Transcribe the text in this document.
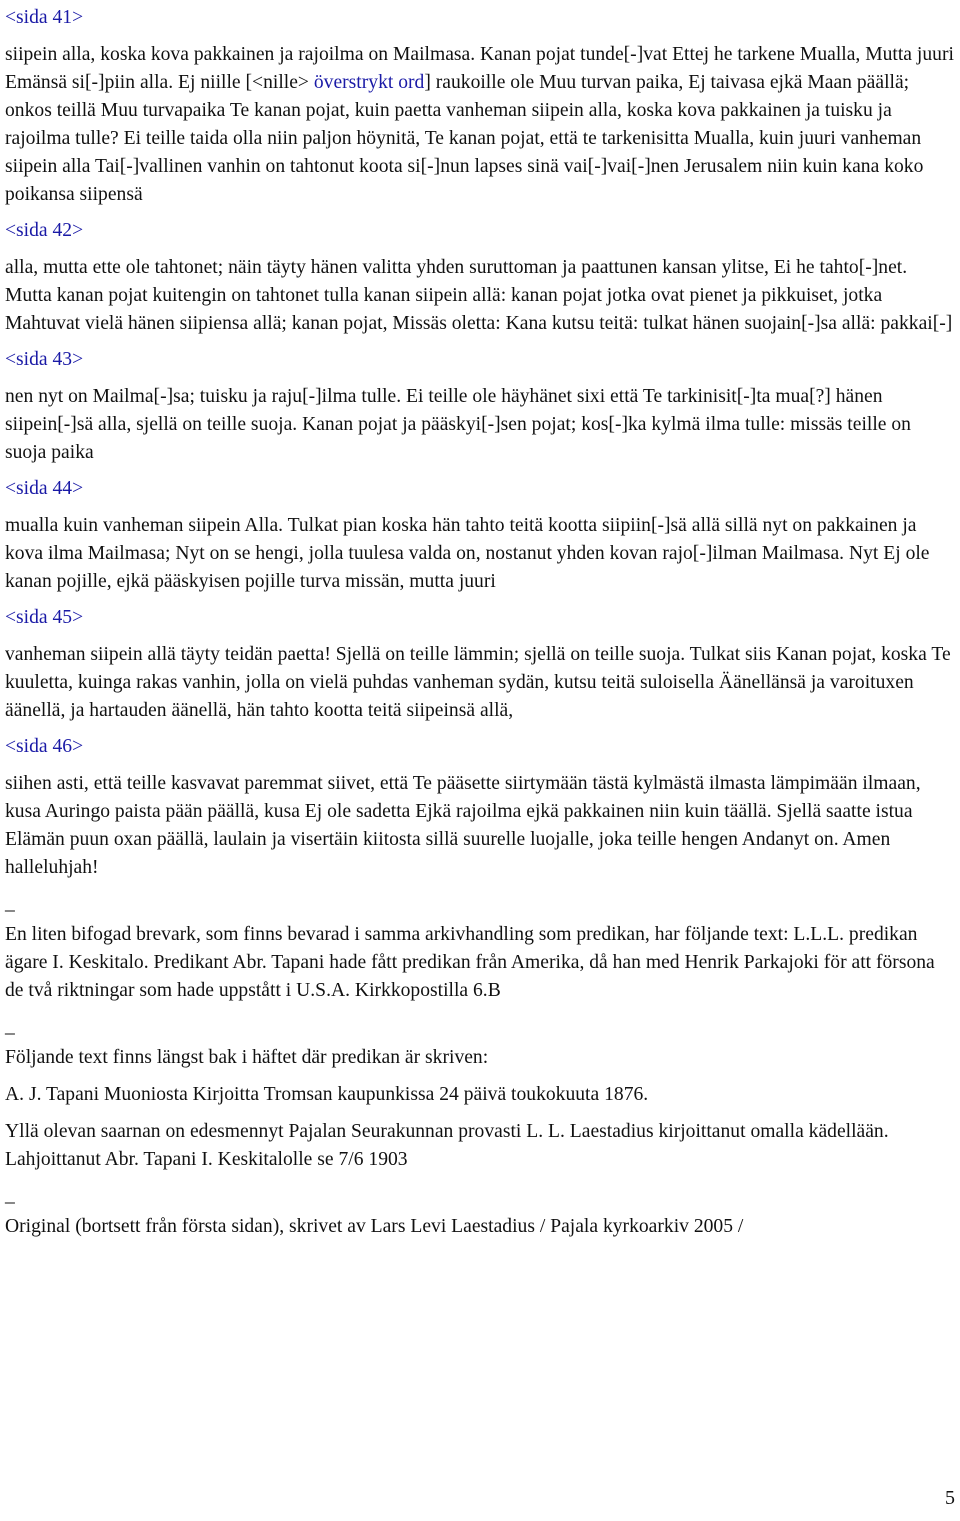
<sida 41>

siipein alla, koska kova pakkainen ja rajoilma on Mailmasa. Kanan pojat tunde[-]vat Ettej he tarkene Mualla, Mutta juuri Emänsä si[-]piin alla. Ej niille [<nille> överstrykt ord] raukoille ole Muu turvan paika, Ej taivasa ejkä Maan päällä; onkos teillä Muu turvapaika Te kanan pojat, kuin paetta vanheman siipein alla, koska kova pakkainen ja tuisku ja rajoilma tulle? Ei teille taida olla niin paljon höynitä, Te kanan pojat, että te tarkenisitta Mualla, kuin juuri vanheman siipein alla Tai[-]vallinen vanhin on tahtonut koota si[-]nun lapses sinä vai[-]vai[-]nen Jerusalem niin kuin kana koko poikansa siipensä

<sida 42>

alla, mutta ette ole tahtonet; näin täyty hänen valitta yhden suruttoman ja paattunen kansan ylitse, Ei he tahto[-]net. Mutta kanan pojat kuitengin on tahtonet tulla kanan siipein allä: kanan pojat jotka ovat pienet ja pikkuiset, jotka Mahtuvat vielä hänen siipiensa allä; kanan pojat, Missäs oletta: Kana kutsu teitä: tulkat hänen suojain[-]sa allä: pakkai[-]

<sida 43>

nen nyt on Mailma[-]sa; tuisku ja raju[-]ilma tulle. Ei teille ole häyhänet sixi että Te tarkinisit[-]ta mua[?] hänen siipein[-]sä alla, sjellä on teille suoja. Kanan pojat ja pääskyi[-]sen pojat; kos[-]ka kylmä ilma tulle: missäs teille on suoja paika

<sida 44>

mualla kuin vanheman siipein Alla. Tulkat pian koska hän tahto teitä kootta siipiin[-]sä allä sillä nyt on pakkainen ja kova ilma Mailmasa; Nyt on se hengi, jolla tuulesa valda on, nostanut yhden kovan rajo[-]ilman Mailmasa. Nyt Ej ole kanan pojille, ejkä pääskyisen pojille turva missän, mutta juuri

<sida 45>

vanheman siipein allä täyty teidän paetta! Sjellä on teille lämmin; sjellä on teille suoja. Tulkat siis Kanan pojat, koska Te kuuletta, kuinga rakas vanhin, jolla on vielä puhdas vanheman sydän, kutsu teitä suloisella Äänellänsä ja varoituxen äänellä, ja hartauden äänellä, hän tahto kootta teitä siipeinsä allä,

<sida 46>

siihen asti, että teille kasvavat paremmat siivet, että Te pääsette siirtymään tästä kylmästä ilmasta lämpimään ilmaan, kusa Auringo paista pään päällä, kusa Ej ole sadetta Ejkä rajoilma ejkä pakkainen niin kuin täällä. Sjellä saatte istua Elämän puun oxan päällä, laulain ja visertäin kiitosta sillä suurelle luojalle, joka teille hengen Andanyt on. Amen halleluhjah!

_

En liten bifogad brevark, som finns bevarad i samma arkivhandling som predikan, har följande text: L.L.L. predikan ägare I. Keskitalo. Predikant Abr. Tapani hade fått predikan från Amerika, då han med Henrik Parkajoki för att försona de två riktningar som hade uppstått i U.S.A. Kirkkopostilla 6.B

_

Följande text finns längst bak i häftet där predikan är skriven:

A. J. Tapani Muoniosta Kirjoitta Tromsan kaupunkissa 24 päivä toukokuuta 1876.

Yllä olevan saarnan on edesmennyt Pajalan Seurakunnan provasti L. L. Laestadius kirjoittanut omalla kädellään. Lahjoittanut Abr. Tapani I. Keskitalolle se 7/6 1903

_

Original (bortsett från första sidan), skrivet av Lars Levi Laestadius / Pajala kyrkoarkiv 2005 /

5
